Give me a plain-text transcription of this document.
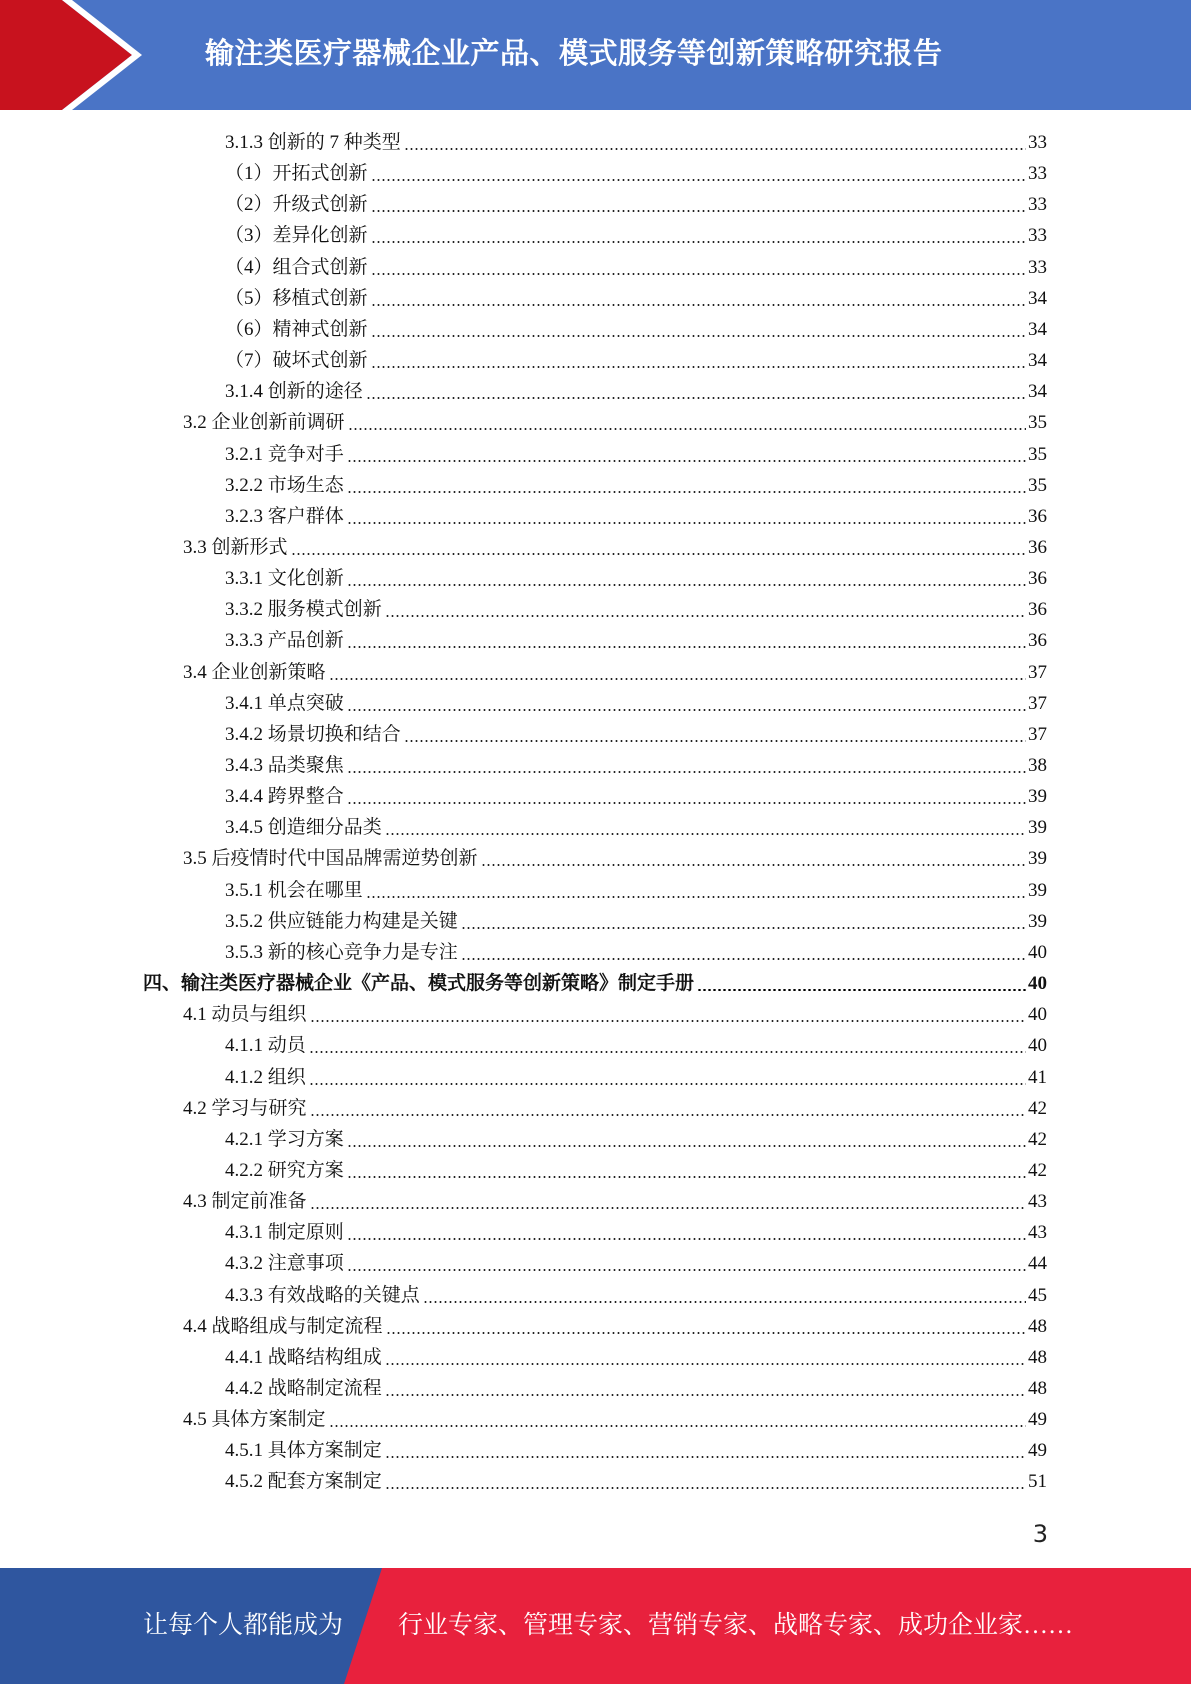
输注类医疗器械企业产品、模式服务等创新策略研究报告
3.1.3 创新的 7 种类型	33
（1）开拓式创新	33
（2）升级式创新	33
（3）差异化创新	33
（4）组合式创新	33
（5）移植式创新	34
（6）精神式创新	34
（7）破坏式创新	34
3.1.4 创新的途径	34
3.2 企业创新前调研	35
3.2.1 竞争对手	35
3.2.2 市场生态	35
3.2.3 客户群体	36
3.3 创新形式	36
3.3.1 文化创新	36
3.3.2 服务模式创新	36
3.3.3 产品创新	36
3.4 企业创新策略	37
3.4.1 单点突破	37
3.4.2 场景切换和结合	37
3.4.3 品类聚焦	38
3.4.4 跨界整合	39
3.4.5 创造细分品类	39
3.5 后疫情时代中国品牌需逆势创新	39
3.5.1 机会在哪里	39
3.5.2 供应链能力构建是关键	39
3.5.3 新的核心竞争力是专注	40
四、输注类医疗器械企业《产品、模式服务等创新策略》制定手册	40
4.1 动员与组织	40
4.1.1 动员	40
4.1.2 组织	41
4.2 学习与研究	42
4.2.1 学习方案	42
4.2.2 研究方案	42
4.3 制定前准备	43
4.3.1 制定原则	43
4.3.2 注意事项	44
4.3.3 有效战略的关键点	45
4.4 战略组成与制定流程	48
4.4.1 战略结构组成	48
4.4.2 战略制定流程	48
4.5 具体方案制定	49
4.5.1 具体方案制定	49
4.5.2 配套方案制定	51
3
让每个人都能成为 行业专家、管理专家、营销专家、战略专家、成功企业家……
